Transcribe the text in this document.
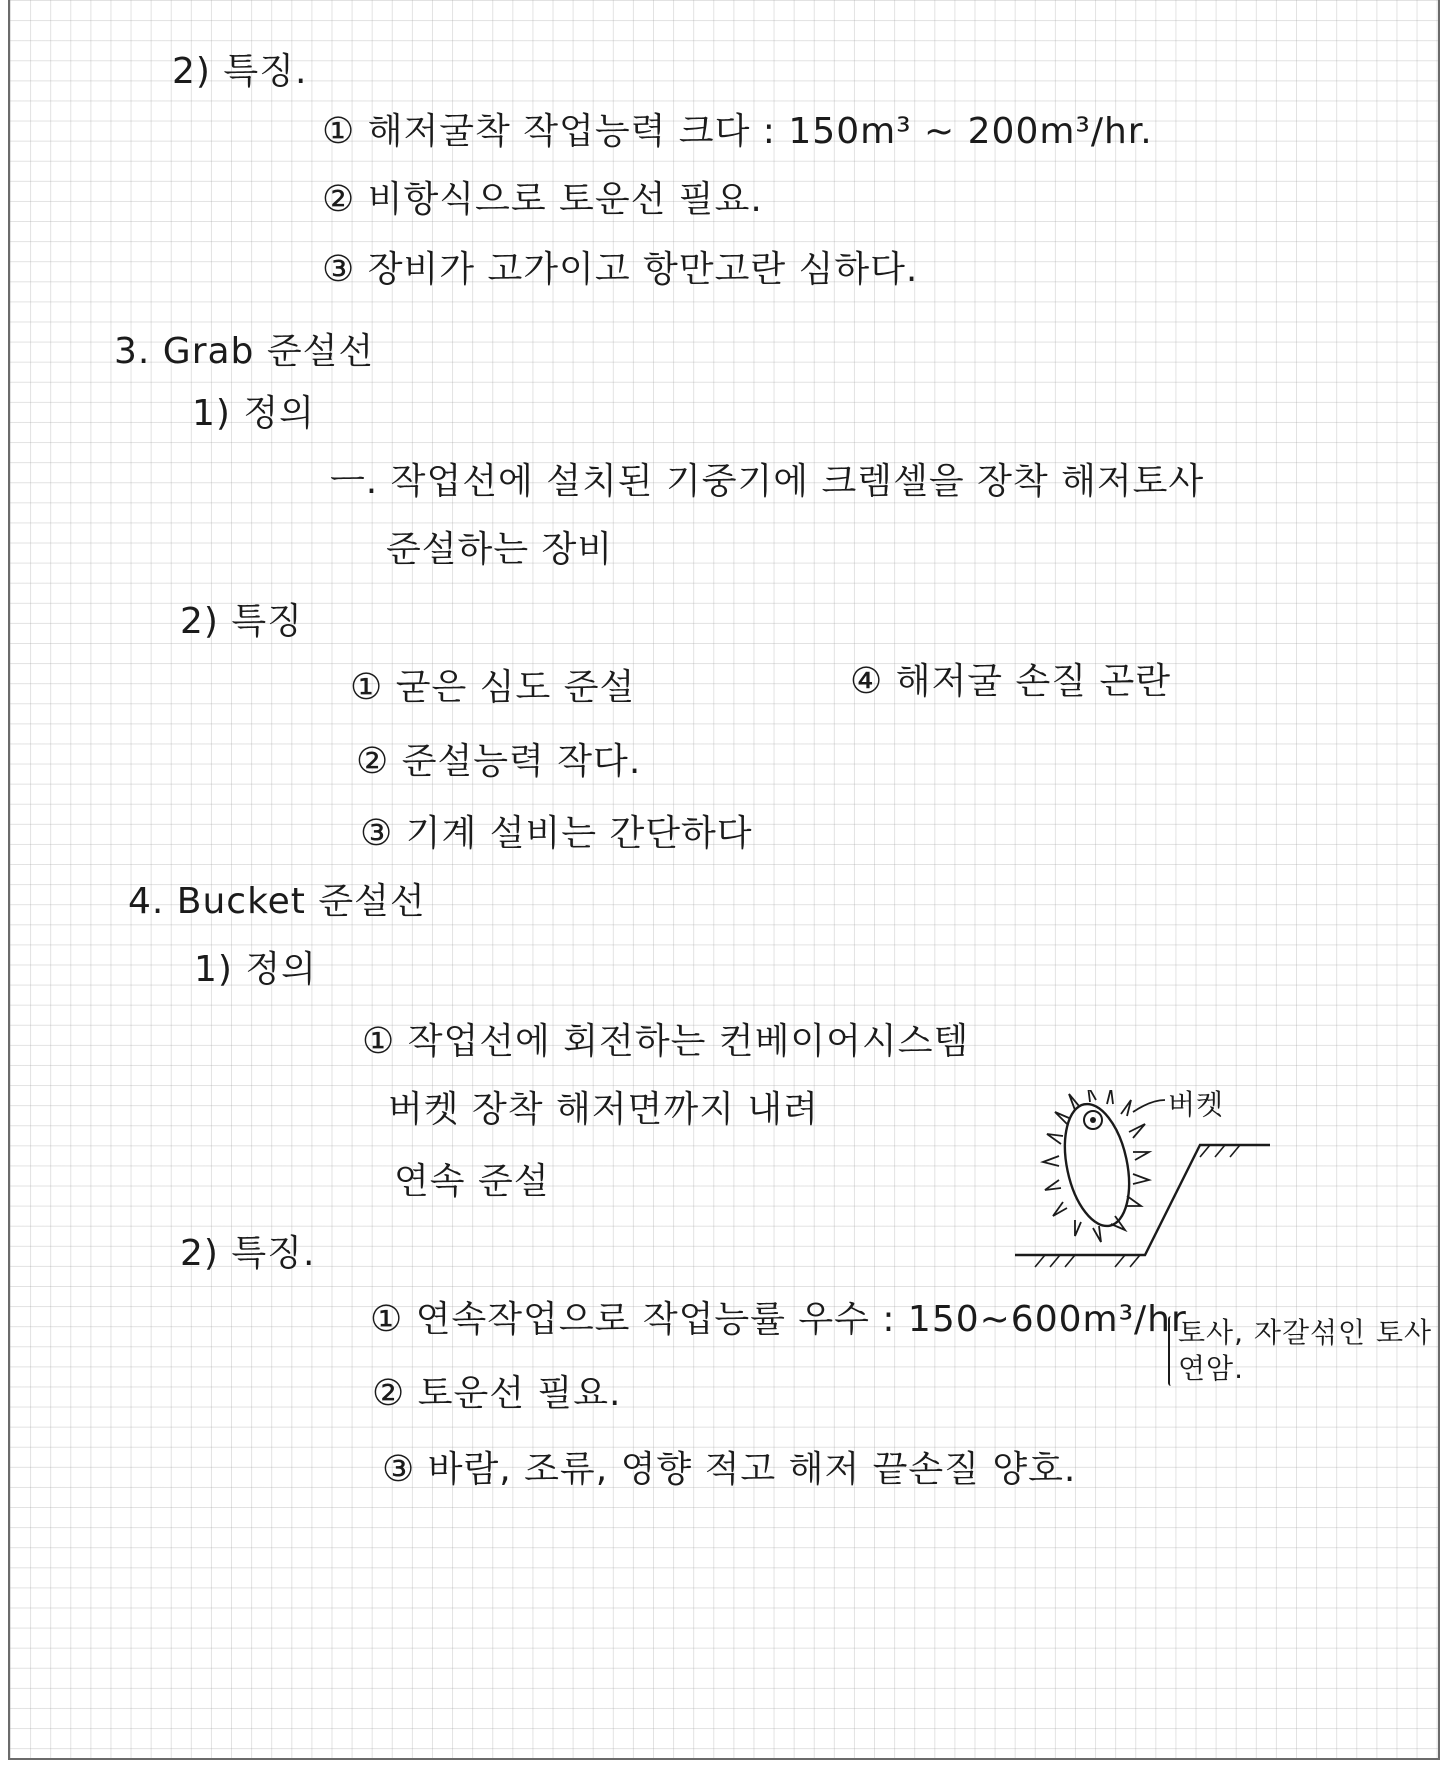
2) 특징.
① 해저굴착 작업능력 크다 : 150m³ ~ 200m³/hr.
② 비항식으로 토운선 필요.
③ 장비가 고가이고 항만고란 심하다.
3. Grab 준설선
1) 정의
ㅡ. 작업선에 설치된 기중기에 크렘셀을 장착 해저토사
준설하는 장비
2) 특징
① 굳은 심도 준설	④ 해저굴 손질 곤란
② 준설능력 작다.
③ 기계 설비는 간단하다
4. Bucket 준설선
1) 정의
① 작업선에 회전하는 컨베이어시스템
버켓 장착 해저면까지 내려
연속 준설
2) 특징.
① 연속작업으로 작업능률 우수 : 150~600m³/hr
② 토운선 필요.
③ 바람, 조류, 영향 적고 해저 끝손질 양호.
버켓
토사, 자갈섞인 토사
연암.
